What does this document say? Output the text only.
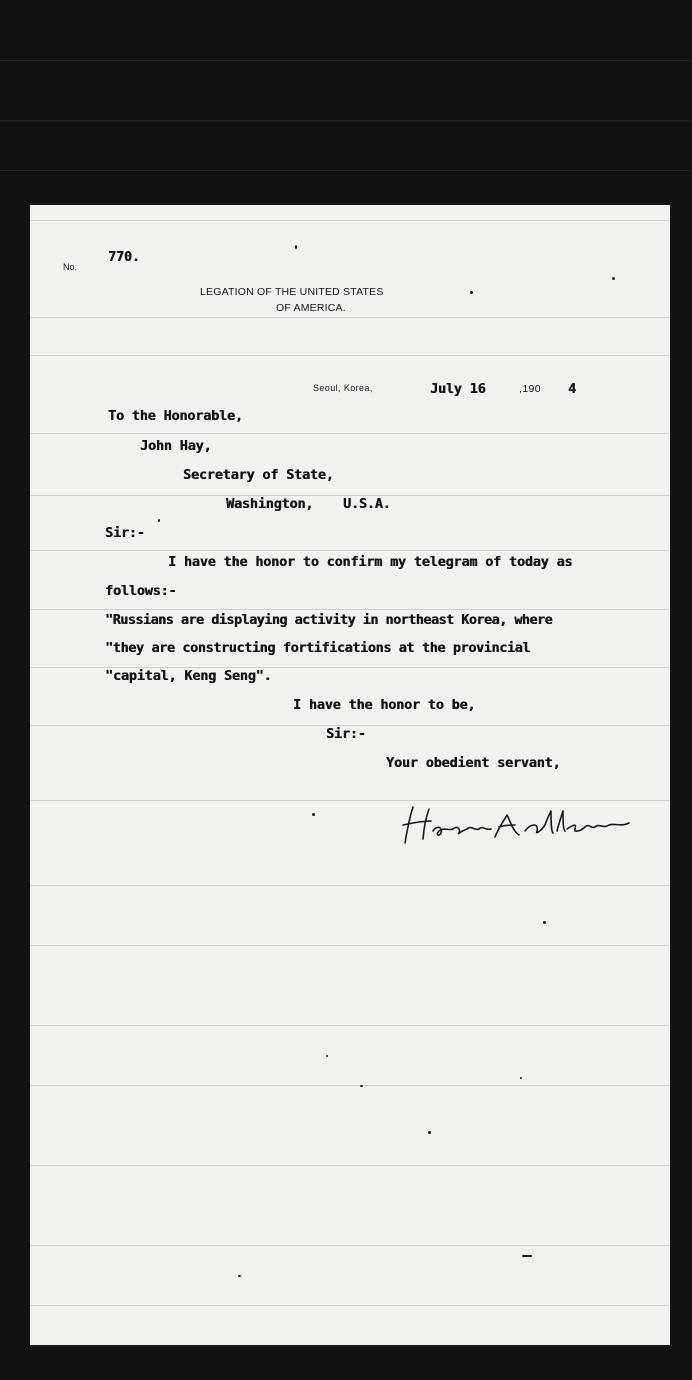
No.
770.
LEGATION OF THE UNITED STATES
OF AMERICA.
Seoul, Korea,	July 16	,190 4
To the Honorable,
John Hay,
Secretary of State,
Washington, U.S.A.
Sir:-
I have the honor to confirm my telegram of today as
follows:-
"Russians are displaying activity in northeast Korea, where
"they are constructing fortifications at the provincial
"capital, Keng Seng".
I have the honor to be,
Sir:-
Your obedient servant,
